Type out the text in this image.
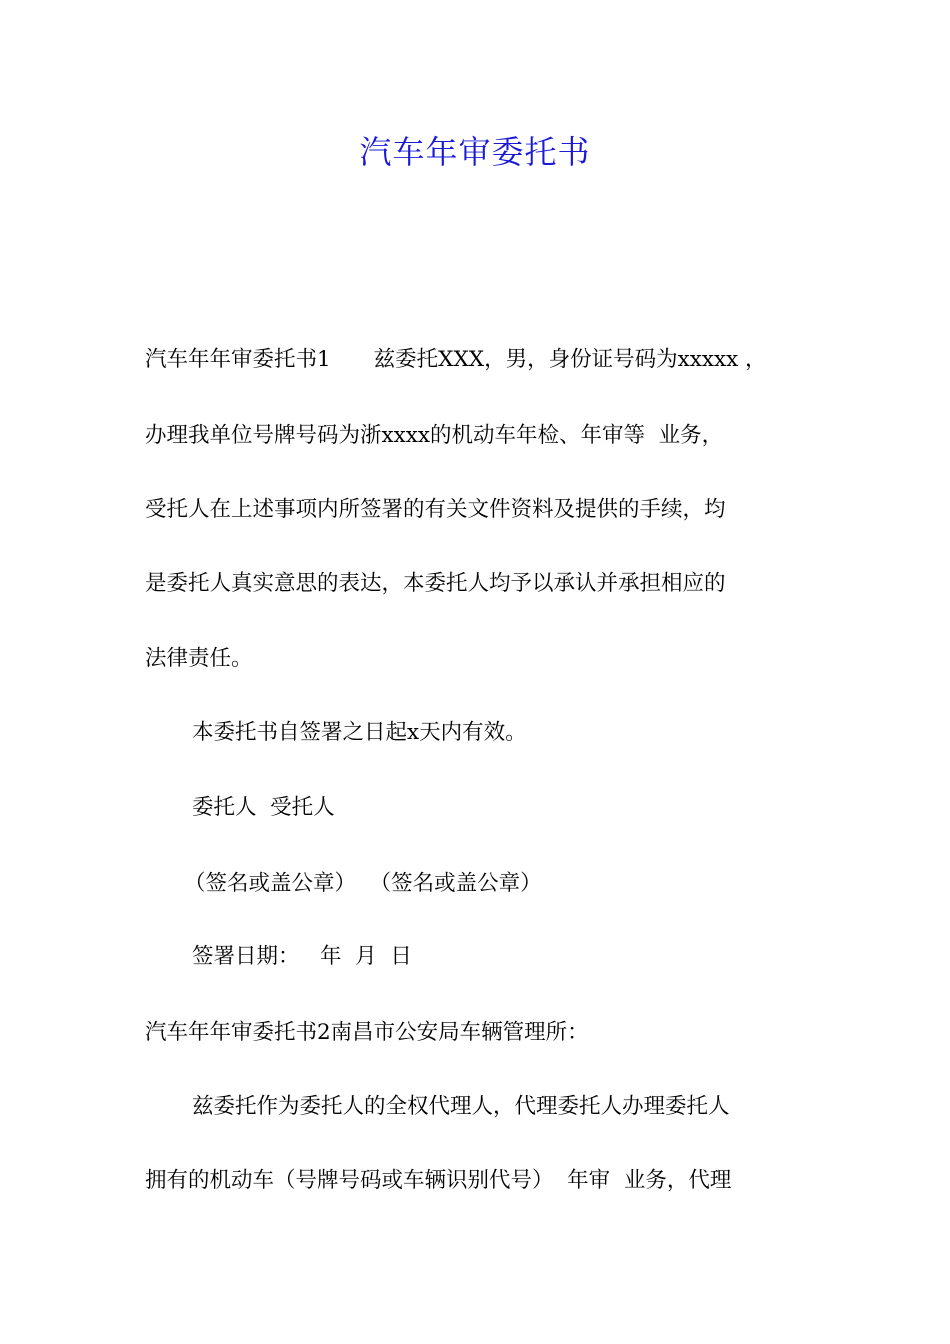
汽车年审委托书
汽车年年审委托书1　　兹委托XXX，男，身份证号码为xxxxx ，
办理我单位号牌号码为浙xxxx的机动车年检、年审等  业务，
受托人在上述事项内所签署的有关文件资料及提供的手续，均
是委托人真实意思的表达，本委托人均予以承认并承担相应的
法律责任。
本委托书自签署之日起x天内有效。
委托人  受托人
（签名或盖公章）  （签名或盖公章）
签署日期：   年  月  日
汽车年年审委托书2南昌市公安局车辆管理所：
兹委托作为委托人的全权代理人，代理委托人办理委托人
拥有的机动车（号牌号码或车辆识别代号）  年审  业务，代理
